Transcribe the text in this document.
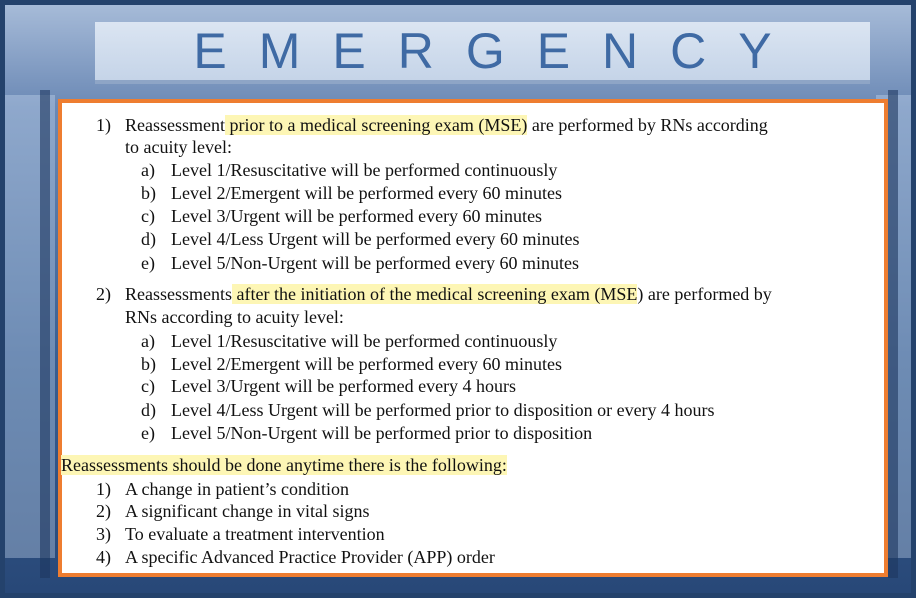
EMERGENCY
1) Reassessment prior to a medical screening exam (MSE) are performed by RNs according
to acuity level:
a) Level 1/Resuscitative will be performed continuously
b) Level 2/Emergent will be performed every 60 minutes
c) Level 3/Urgent will be performed every 60 minutes
d) Level 4/Less Urgent will be performed every 60 minutes
e) Level 5/Non-Urgent will be performed every 60 minutes
2) Reassessments after the initiation of the medical screening exam (MSE) are performed by
RNs according to acuity level:
a) Level 1/Resuscitative will be performed continuously
b) Level 2/Emergent will be performed every 60 minutes
c) Level 3/Urgent will be performed every 4 hours
d) Level 4/Less Urgent will be performed prior to disposition or every 4 hours
e) Level 5/Non-Urgent will be performed prior to disposition
Reassessments should be done anytime there is the following:
1) A change in patient’s condition
2) A significant change in vital signs
3) To evaluate a treatment intervention
4) A specific Advanced Practice Provider (APP) order
